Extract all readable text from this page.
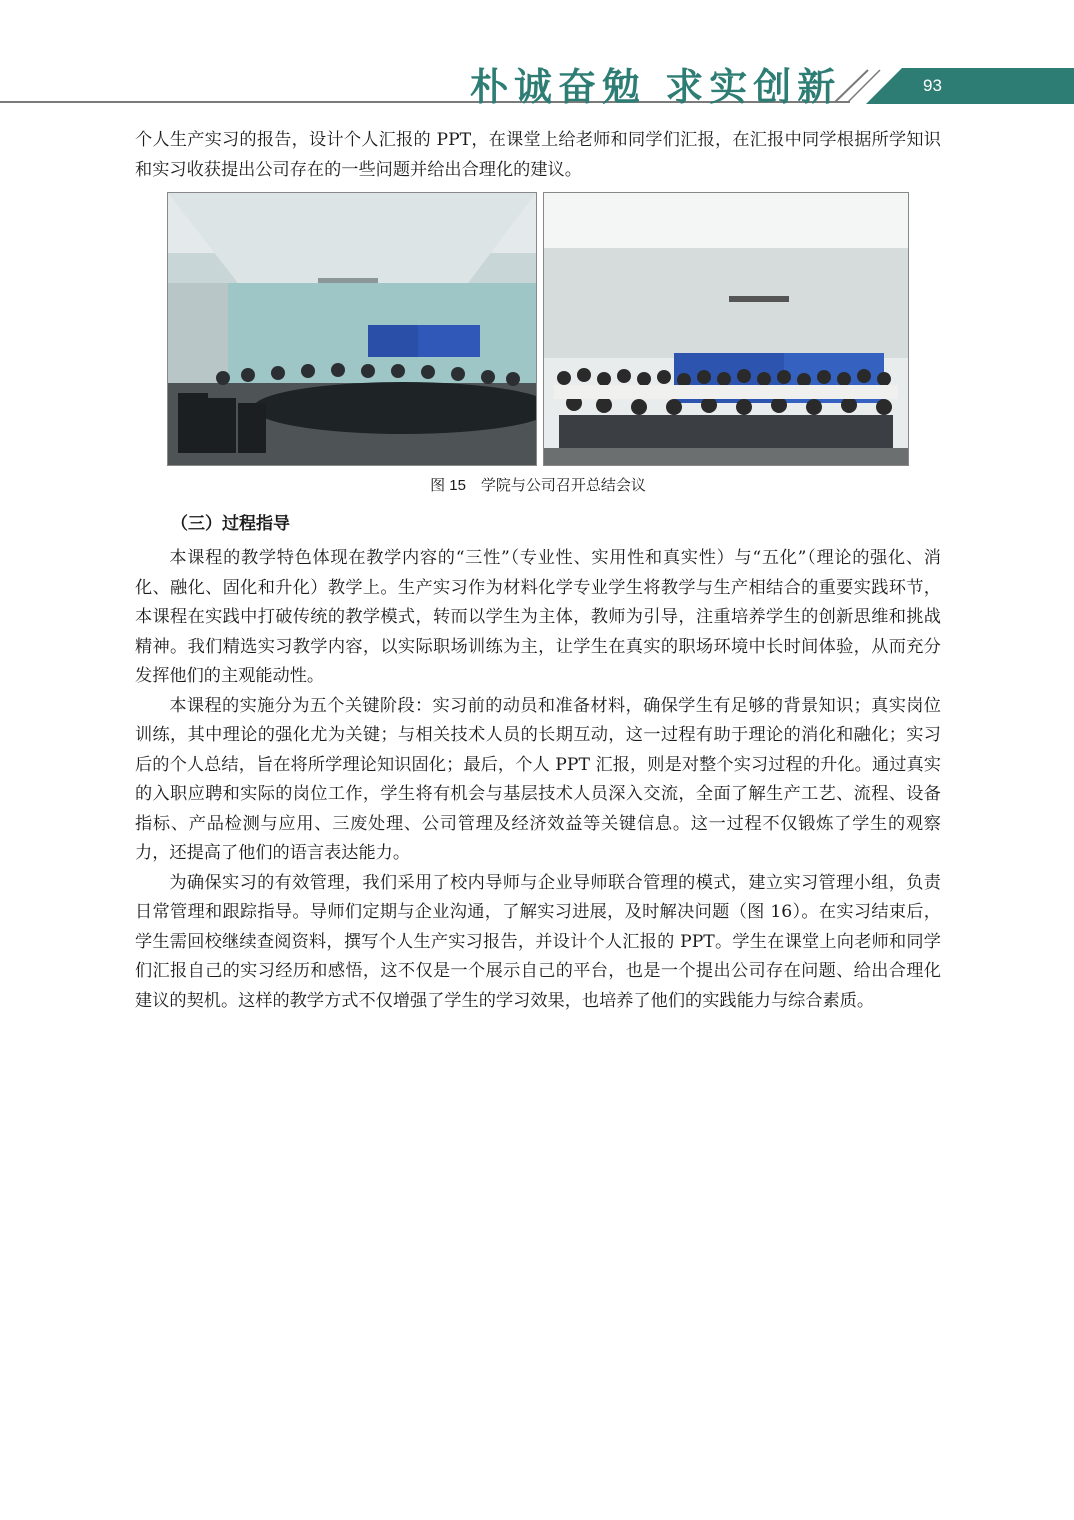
朴诚奋勉 求实创新	93

个人生产实习的报告，设计个人汇报的 PPT，在课堂上给老师和同学们汇报，在汇报中同学根据所学知识和实习收获提出公司存在的一些问题并给出合理化的建议。

图 15　学院与公司召开总结会议
（三）过程指导

本课程的教学特色体现在教学内容的“三性”（专业性、实用性和真实性）与“五化”（理论的强化、消化、融化、固化和升化）教学上。生产实习作为材料化学专业学生将教学与生产相结合的重要实践环节，本课程在实践中打破传统的教学模式，转而以学生为主体，教师为引导，注重培养学生的创新思维和挑战精神。我们精选实习教学内容，以实际职场训练为主，让学生在真实的职场环境中长时间体验，从而充分发挥他们的主观能动性。

本课程的实施分为五个关键阶段：实习前的动员和准备材料，确保学生有足够的背景知识；真实岗位训练，其中理论的强化尤为关键；与相关技术人员的长期互动，这一过程有助于理论的消化和融化；实习后的个人总结，旨在将所学理论知识固化；最后，个人 PPT 汇报，则是对整个实习过程的升化。通过真实的入职应聘和实际的岗位工作，学生将有机会与基层技术人员深入交流，全面了解生产工艺、流程、设备指标、产品检测与应用、三废处理、公司管理及经济效益等关键信息。这一过程不仅锻炼了学生的观察力，还提高了他们的语言表达能力。

为确保实习的有效管理，我们采用了校内导师与企业导师联合管理的模式，建立实习管理小组，负责日常管理和跟踪指导。导师们定期与企业沟通，了解实习进展，及时解决问题（图 16）。在实习结束后，学生需回校继续查阅资料，撰写个人生产实习报告，并设计个人汇报的 PPT。学生在课堂上向老师和同学们汇报自己的实习经历和感悟，这不仅是一个展示自己的平台，也是一个提出公司存在问题、给出合理化建议的契机。这样的教学方式不仅增强了学生的学习效果，也培养了他们的实践能力与综合素质。
